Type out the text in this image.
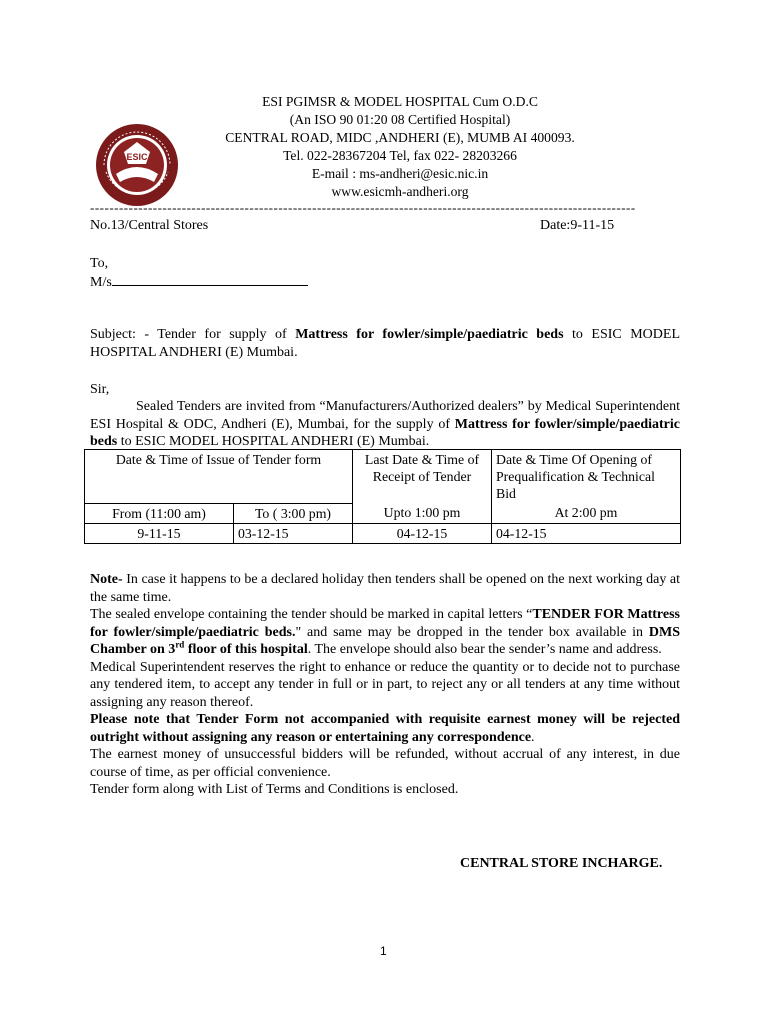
ESIC
ESI PGIMSR & MODEL HOSPITAL Cum O.D.C
(An ISO 90 01:20 08 Certified Hospital)
CENTRAL ROAD, MIDC ,ANDHERI (E), MUMB AI 400093.
Tel. 022-28367204 Tel, fax 022- 28203266
E-mail : ms-andheri@esic.nic.in
www.esicmh-andheri.org
-----------------------------------------------------------------------------------------------------------------
No.13/Central Stores	Date:9-11-15
To,
M/s
Subject: - Tender for supply of Mattress for fowler/simple/paediatric beds to ESIC MODEL HOSPITAL ANDHERI (E) Mumbai.
Sir,
Sealed Tenders are invited from “Manufacturers/Authorized dealers” by Medical Superintendent ESI Hospital & ODC, Andheri (E), Mumbai, for the supply of Mattress for fowler/simple/paediatric beds to ESIC MODEL HOSPITAL ANDHERI (E) Mumbai.
Date & Time of Issue of Tender form		Last Date & Time of Receipt of Tender	Date & Time Of Opening of Prequalification & Technical Bid
From (11:00 am)	To ( 3:00 pm)	Upto 1:00 pm	At 2:00 pm
9-11-15	03-12-15	04-12-15	04-12-15

Note- In case it happens to be a declared holiday then tenders shall be opened on the next working day at the same time.

The sealed envelope containing the tender should be marked in capital letters “TENDER FOR Mattress for fowler/simple/paediatric beds." and same may be dropped in the tender box available in DMS Chamber on 3rd floor of this hospital. The envelope should also bear the sender’s name and address.

Medical Superintendent reserves the right to enhance or reduce the quantity or to decide not to purchase any tendered item, to accept any tender in full or in part, to reject any or all tenders at any time without assigning any reason thereof.

Please note that Tender Form not accompanied with requisite earnest money will be rejected outright without assigning any reason or entertaining any correspondence.

The earnest money of unsuccessful bidders will be refunded, without accrual of any interest, in due course of time, as per official convenience.

Tender form along with List of Terms and Conditions is enclosed.

CENTRAL STORE INCHARGE.
1
